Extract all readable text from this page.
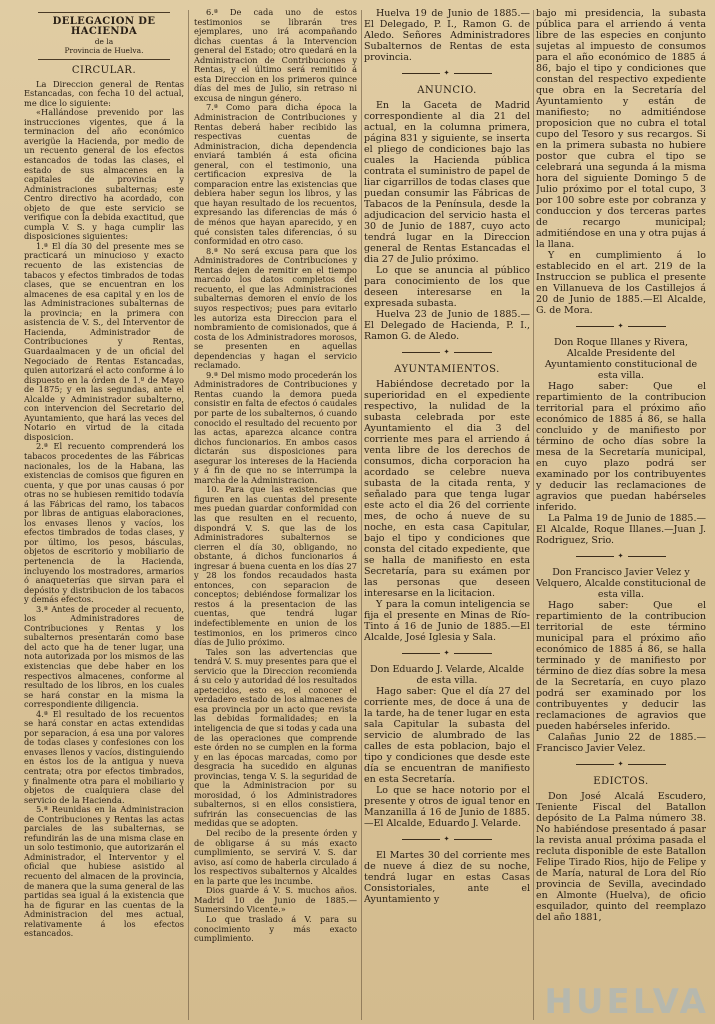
DELEGACION DE HACIENDA
de la
Provincia de Huelva.
CIRCULAR.

La Direccion general de Rentas Estancadas, con fecha 10 del actual, me dice lo siguiente:

«Hallándose prevenido por las instrucciones vigentes, que á la terminacion del año económico averigüe la Hacienda, por medio de un recuento general de los efectos estancados de todas las clases, el estado de sus almacenes en la capitales de provincia y Administraciones subalternas; este Centro directivo ha acordado, con objeto de que este servicio se verifique con la debida exactitud, que cumpla V. S. y haga cumplir las disposiciones siguientes:

1.ª El día 30 del presente mes se practicará un minucioso y exacto recuento de las existencias de tabacos y efectos timbrados de todas clases, que se encuentran en los almacenes de esa capital y en los de las Administraciones subalternas de la provincia; en la primera con asistencia de V. S., del Interventor de Hacienda, Administrador de Contribuciones y Rentas, Guardaalmacen y de un oficial del Negociado de Rentas Estancadas, quien autorizará el acto conforme á lo dispuesto en la órden de 1.º de Mayo de 1875; y en las segundas, ante el Alcalde y Administrador subalterno, con intervencion del Secretario del Ayuntamiento, que hará las veces del Notario en virtud de la citada disposicion.

2.ª El recuento comprenderá los tabacos procedentes de las Fábricas nacionales, los de la Habana, las existencias de comisos que figuren en cuenta, y que por unas causas ó por otras no se hubiesen remitido todavía á las Fábricas del ramo, los tabacos por libras de antiguas elaboraciones, los envases llenos y vacíos, los efectos timbrados de todas clases, y por último, los pesos, básculas, objetos de escritorio y mobiliario de pertenencia de la Hacienda, incluyendo los mostradores, armarios ó anaqueterías que sirvan para el depósito y distribucion de los tabacos y demás efectos.

3.ª Antes de proceder al recuento, los Administradores de Contribuciones y Rentas y los subalternos presentarán como base del acto que ha de tener lugar, una nota autorizada por los mismos de las existencias que debe haber en los respectivos almacenes, conforme al resultado de los libros, en los cuales se hará constar en la misma la correspondiente diligencia.

4.ª El resultado de los recuentos se hará constar en actas extendidas por separacion, á esa una por valores de todas clases y confesiones con los envases llenos y vacíos, distinguiendo en éstos los de la antigua y nueva centrata; otra por efectos timbrados, y finalmente otra para el mobiliario y objetos de cualquiera clase del servicio de la Hacienda.

5.ª Reunidas en la Administracion de Contribuciones y Rentas las actas parciales de las subalternas, se refundirán las de una misma clase en un solo testimonio, que autorizarán el Administrador, el Interventor y el oficial que hubiese asistido al recuento del almacen de la provincia, de manera que la suma general de las partidas sea igual á la existencia que ha de figurar en las cuentas de la Administracion del mes actual, relativamente á los efectos estancados.

6.ª De cada uno de estos testimonios se librarán tres ejemplares, uno irá acompañando dichas cuentas á la Intervencion general del Estado; otro quedará en la Administracion de Contribuciones y Rentas, y el último será remitido á esta Direccion en los primeros quince días del mes de Julio, sin retraso ni excusa de ningun género.

7.ª Como para dicha época la Administracion de Contribuciones y Rentas deberá haber recibido las respectivas cuentas de Administracion, dicha dependencia enviará también á esta oficina general, con el testimonio, una certificacion expresiva de la comparacion entre las existencias que debiera haber segun los libros, y las que hayan resultado de los recuentos, expresando las diferencias de más ó de ménos que hayan aparecido, y en qué consisten tales diferencias, ó su conformidad en otro caso.

8.ª No será excusa para que los Administradores de Contribuciones y Rentas dejen de remitir en el tiempo marcado los datos completos del recuento, el que las Administraciones subalternas demoren el envío de los suyos respectivos; pues para evitarlo les autoriza esta Direccion para el nombramiento de comisionados, que á costa de los Administradores morosos, se presenten en aquellas dependencias y hagan el servicio reclamado.

9.ª Del mismo modo procederán los Administradores de Contribuciones y Rentas cuando la demora pueda consistir en falta de efectos ó caudales por parte de los subalternos, ó cuando conocido el resultado del recuento por las actas, aparezca alcance contra dichos funcionarios. En ambos casos dictarán sus disposiciones para asegurar los intereses de la Hacienda y á fin de que no se interrumpa la marcha de la Administracion.

10. Para que las existencias que figuren en las cuentas del presente mes puedan guardar conformidad con las que resulten en el recuento, dispondrá V. S. que las de los Administradores subalternos se cierren el día 30, obligando, no obstante, á dichos funcionarios á ingresar á buena cuenta en los días 27 y 28 los fondos recaudados hasta entonces, con separacion de conceptos; debiéndose formalizar los restos á la presentacion de las cuentas, que tendrá lugar indefectiblemente en union de los testimonios, en los primeros cinco días de Julio próximo.

Tales son las advertencias que tendrá V. S. muy presentes para que el servicio que la Direccion recomienda á su celo y autoridad dé los resultados apetecidos, esto es, el conocer el verdadero estado de los almacenes de esa provincia por un acto que revista las debidas formalidades; en la inteligencia de que si todas y cada una de las operaciones que comprende este órden no se cumplen en la forma y en las épocas marcadas, como por desgracia ha sucedido en algunas provincias, tenga V. S. la seguridad de que la Administracion por su morosidad, ó los Administradores subalternos, si en ellos consistiera, sufrirán las consecuencias de las medidas que se adopten.

Del recibo de la presente órden y de obligarse á su más exacto cumplimiento, se servirá V. S. dar aviso, así como de haberla circulado á los respectivos subalternos y Alcaldes en la parte que les incumbe.

Dios guarde á V. S. muchos años. Madrid 10 de Junio de 1885.—Sumersindo Vicente.»

Lo que traslado á V. para su conocimiento y más exacto cumplimiento.

Huelva 19 de Junio de 1885.—El Delegado, P. I., Ramon G. de Aledo. Señores Administradores Subalternos de Rentas de esta provincia.

✦
ANUNCIO.

En la Gaceta de Madrid correspondiente al dia 21 del actual, en la columna primera, página 831 y siguiente, se inserta el pliego de condiciones bajo las cuales la Hacienda pública contrata el suministro de papel de liar cigarrillos de todas clases que puedan consumir las Fábricas de Tabacos de la Península, desde la adjudicacion del servicio hasta el 30 de Junio de 1887, cuyo acto tendrá lugar en la Direccion general de Rentas Estancadas el dia 27 de Julio próximo.

Lo que se anuncia al público para conocimiento de los que deseen interesarse en la expresada subasta.

Huelva 23 de Junio de 1885.—El Delegado de Hacienda, P. I., Ramon G. de Aledo.

✦
AYUNTAMIENTOS.

Habiéndose decretado por la superioridad en el expediente respectivo, la nulidad de la subasta celebrada por este Ayuntamiento el dia 3 del corriente mes para el arriendo á venta libre de los derechos de consumos, dicha corporacion ha acordado se celebre nueva subasta de la citada renta, y señalado para que tenga lugar este acto el dia 26 del corriente mes, de ocho á nueve de su noche, en esta casa Capitular, bajo el tipo y condiciones que consta del citado expediente, que se halla de manifiesto en esta Secretaría, para su exámen por las personas que deseen interesarse en la licitacion.

Y para la comun inteligencia se fija el presente en Minas de Río-Tinto á 16 de Junio de 1885.—El Alcalde, José Iglesia y Sala.

✦

Don Eduardo J. Velarde, Alcalde de esta villa.

Hago saber: Que el día 27 del corriente mes, de doce á una de la tarde, ha de tener lugar en esta sala Capitular la subasta del servicio de alumbrado de las calles de esta poblacion, bajo el tipo y condiciones que desde este día se encuentran de manifiesto en esta Secretaría.

Lo que se hace notorio por el presente y otros de igual tenor en Manzanilla á 16 de Junio de 1885.—El Alcalde, Eduardo J. Velarde.

✦

El Martes 30 del corriente mes de nueve á diez de su noche, tendrá lugar en estas Casas Consistoriales, ante el Ayuntamiento y

bajo mi presidencia, la subasta pública para el arriendo á venta libre de las especies en conjunto sujetas al impuesto de consumos para el año económico de 1885 á 86, bajo el tipo y condiciones que constan del respectivo expediente que obra en la Secretaría del Ayuntamiento y están de manifiesto; no admitiéndose proposicion que no cubra el total cupo del Tesoro y sus recargos. Si en la primera subasta no hubiere postor que cubra el tipo se celebrará una segunda á la misma hora del siguiente Domingo 5 de Julio próximo por el total cupo, 3 por 100 sobre este por cobranza y conduccion y dos terceras partes de recargo municipal; admitiéndose en una y otra pujas á la llana.

Y en cumplimiento á lo establecido en el art. 219 de la Instruccion se publica el presente en Villanueva de los Castillejos á 20 de Junio de 1885.—El Alcalde, G. de Mora.

✦

Don Roque Illanes y Rivera, Alcalde Presidente del Ayuntamiento constitucional de esta villa.

Hago saber: Que el repartimiento de la contribucion territorial para el próximo año económico de 1885 á 86, se halla concluido y de manifiesto por término de ocho días sobre la mesa de la Secretaría municipal, en cuyo plazo podrá ser examinado por los contribuyentes y deducir las reclamaciones de agravios que puedan habérseles inferido.

La Palma 19 de Junio de 1885.—El Alcalde, Roque Illanes.—Juan J. Rodriguez, Srio.

✦

Don Francisco Javier Velez y Velquero, Alcalde constitucional de esta villa.

Hago saber: Que el repartimiento de la contribucion territorial de este término municipal para el próximo año económico de 1885 á 86, se halla terminado y de manifiesto por término de diez días sobre la mesa de la Secretaría, en cuyo plazo podrá ser examinado por los contribuyentes y deducir las reclamaciones de agravios que pueden habérseles inferido.

Calañas Junio 22 de 1885.—Francisco Javier Velez.

✦
EDICTOS.

Don José Alcalá Escudero, Teniente Fiscal del Batallon depósito de La Palma número 38. No habiéndose presentado á pasar la revista anual próxima pasada el recluta disponible de este Batallon Felipe Tirado Rios, hijo de Felipe y de María, natural de Lora del Río provincia de Sevilla, avecindado en Almonte (Huelva), de oficio esquilador, quinto del reemplazo del año 1881,

HUELVA
